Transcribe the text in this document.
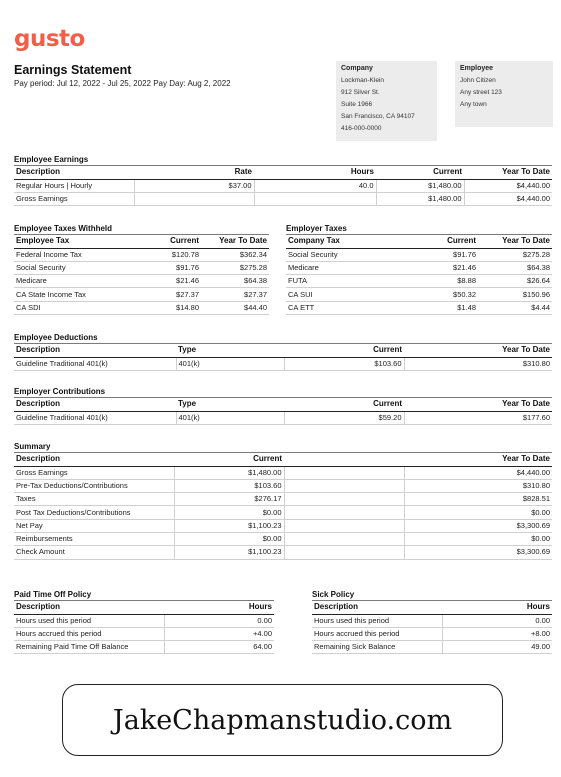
gusto
Earnings Statement
Pay period: Jul 12, 2022 - Jul 25, 2022 Pay Day: Aug 2, 2022
Company
Lockman-Klein
912 Silver St.
Suite 1966
San Francisco, CA 94107
416-000-0000
Employee
John Citizen
Any street 123
Any town
Employee Earnings
Description	Rate	Hours	Current	Year To Date
Regular Hours | Hourly	$37.00	40.0	$1,480.00	$4,440.00
Gross Earnings			$1,480.00	$4,440.00
Employee Taxes Withheld
Employee Tax	Current	Year To Date
Federal Income Tax	$120.78	$362.34
Social Security	$91.76	$275.28
Medicare	$21.46	$64.38
CA State Income Tax	$27.37	$27.37
CA SDI	$14.80	$44.40
Employer Taxes
Company Tax	Current	Year To Date
Social Security	$91.76	$275.28
Medicare	$21.46	$64.38
FUTA	$8.88	$26.64
CA SUI	$50.32	$150.96
CA ETT	$1.48	$4.44
Employee Deductions
Description	Type	Current	Year To Date
Guideline Traditional 401(k)	401(k)	$103.60	$310.80
Employer Contributions
Description	Type	Current	Year To Date
Guideline Traditional 401(k)	401(k)	$59.20	$177.60
Summary
Description	Current		Year To Date
Gross Earnings	$1,480.00		$4,440.00
Pre-Tax Deductions/Contributions	$103.60		$310.80
Taxes	$276.17		$828.51
Post Tax Deductions/Contributions	$0.00		$0.00
Net Pay	$1,100.23		$3,300.69
Reimbursements	$0.00		$0.00
Check Amount	$1,100.23		$3,300.69
Paid Time Off Policy
Description	Hours
Hours used this period	0.00
Hours accrued this period	+4.00
Remaining Paid Time Off Balance	64.00
Sick Policy
Description	Hours
Hours used this period	0.00
Hours accrued this period	+8.00
Remaining Sick Balance	49.00
JakeChapmanstudio.com
